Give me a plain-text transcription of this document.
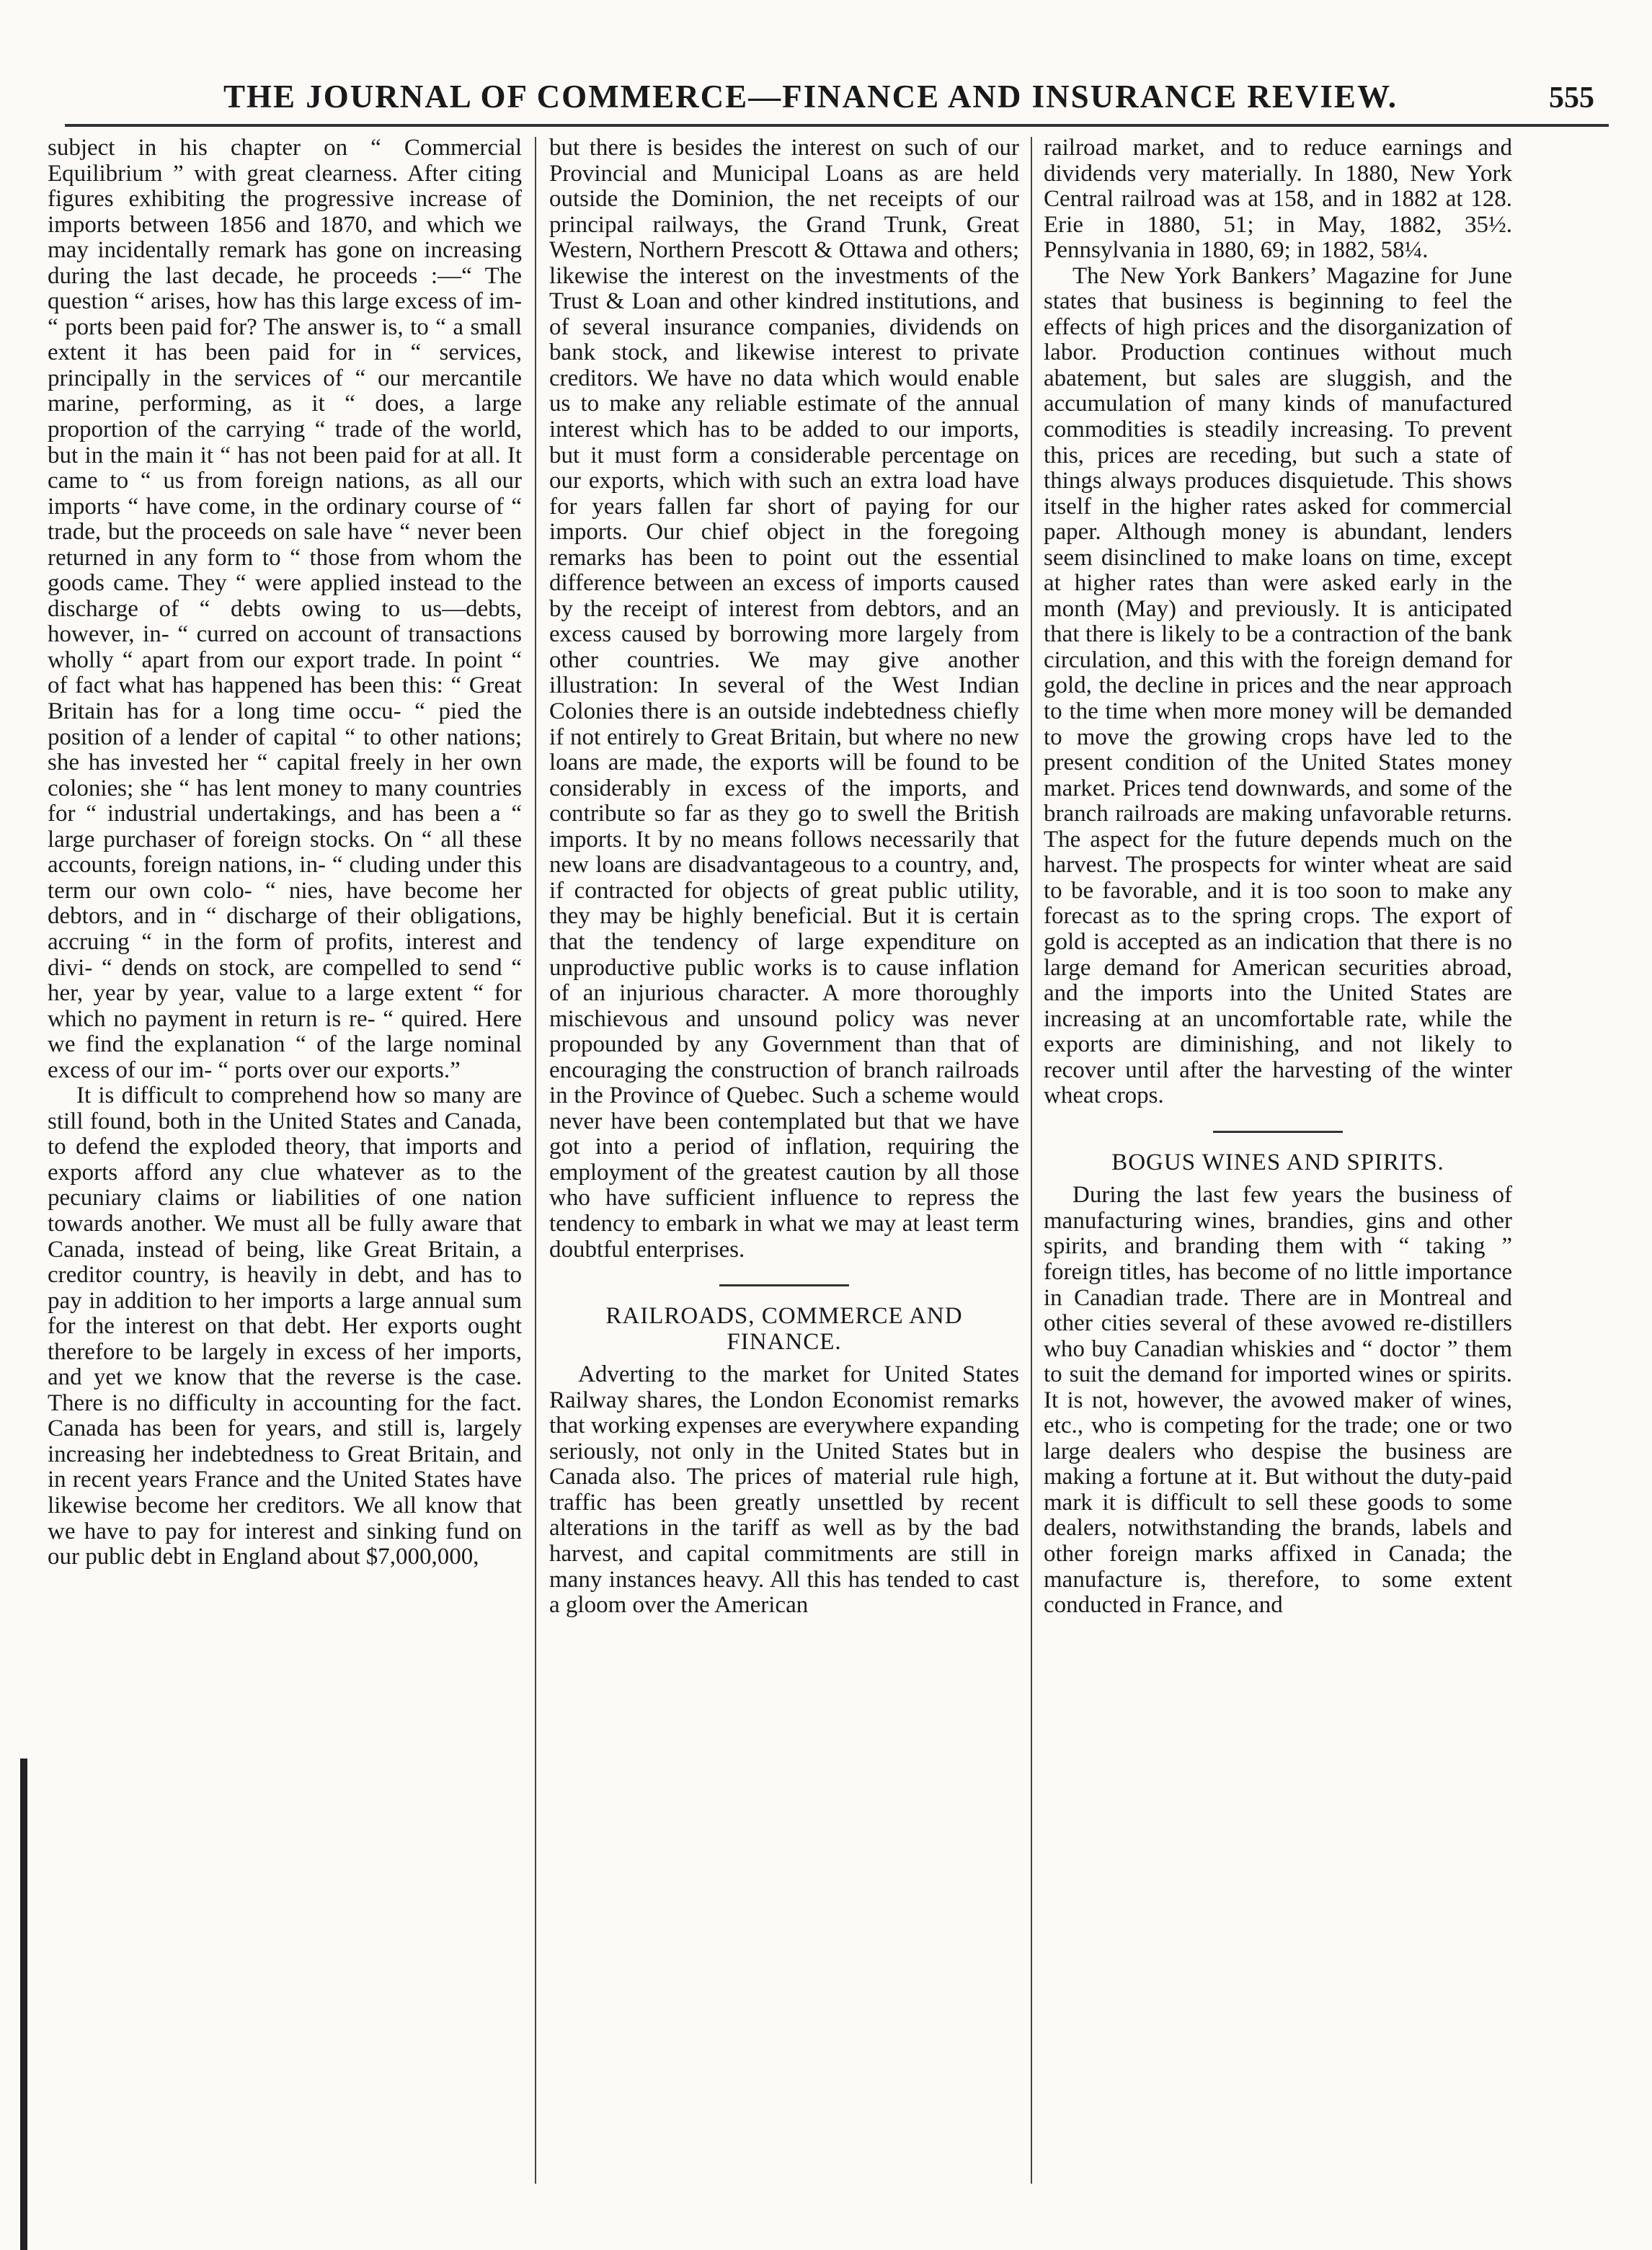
THE JOURNAL OF COMMERCE—FINANCE AND INSURANCE REVIEW.	555

subject in his chapter on “ Commercial Equilibrium ” with great clearness. After citing figures exhibiting the progressive increase of imports between 1856 and 1870, and which we may incidentally remark has gone on increasing during the last decade, he proceeds :—“ The question “ arises, how has this large excess of im- “ ports been paid for? The answer is, to “ a small extent it has been paid for in “ services, principally in the services of “ our mercantile marine, performing, as it “ does, a large proportion of the carrying “ trade of the world, but in the main it “ has not been paid for at all. It came to “ us from foreign nations, as all our imports “ have come, in the ordinary course of “ trade, but the proceeds on sale have “ never been returned in any form to “ those from whom the goods came. They “ were applied instead to the discharge of “ debts owing to us—debts, however, in- “ curred on account of transactions wholly “ apart from our export trade. In point “ of fact what has happened has been this: “ Great Britain has for a long time occu- “ pied the position of a lender of capital “ to other nations; she has invested her “ capital freely in her own colonies; she “ has lent money to many countries for “ industrial undertakings, and has been a “ large purchaser of foreign stocks. On “ all these accounts, foreign nations, in- “ cluding under this term our own colo- “ nies, have become her debtors, and in “ discharge of their obligations, accruing “ in the form of profits, interest and divi- “ dends on stock, are compelled to send “ her, year by year, value to a large extent “ for which no payment in return is re- “ quired. Here we find the explanation “ of the large nominal excess of our im- “ ports over our exports.”

It is difficult to comprehend how so many are still found, both in the United States and Canada, to defend the exploded theory, that imports and exports afford any clue whatever as to the pecuniary claims or liabilities of one nation towards another. We must all be fully aware that Canada, instead of being, like Great Britain, a creditor country, is heavily in debt, and has to pay in addition to her imports a large annual sum for the interest on that debt. Her exports ought therefore to be largely in excess of her imports, and yet we know that the reverse is the case. There is no difficulty in accounting for the fact. Canada has been for years, and still is, largely increasing her indebtedness to Great Britain, and in recent years France and the United States have likewise become her creditors. We all know that we have to pay for interest and sinking fund on our public debt in England about $7,000,000,

but there is besides the interest on such of our Provincial and Municipal Loans as are held outside the Dominion, the net receipts of our principal railways, the Grand Trunk, Great Western, Northern Prescott & Ottawa and others; likewise the interest on the investments of the Trust & Loan and other kindred institutions, and of several insurance companies, dividends on bank stock, and likewise interest to private creditors. We have no data which would enable us to make any reliable estimate of the annual interest which has to be added to our imports, but it must form a considerable percentage on our exports, which with such an extra load have for years fallen far short of paying for our imports. Our chief object in the foregoing remarks has been to point out the essential difference between an excess of imports caused by the receipt of interest from debtors, and an excess caused by borrowing more largely from other countries. We may give another illustration: In several of the West Indian Colonies there is an outside indebtedness chiefly if not entirely to Great Britain, but where no new loans are made, the exports will be found to be considerably in excess of the imports, and contribute so far as they go to swell the British imports. It by no means follows necessarily that new loans are disadvantageous to a country, and, if contracted for objects of great public utility, they may be highly beneficial. But it is certain that the tendency of large expenditure on unproductive public works is to cause inflation of an injurious character. A more thoroughly mischievous and unsound policy was never propounded by any Government than that of encouraging the construction of branch railroads in the Province of Quebec. Such a scheme would never have been contemplated but that we have got into a period of inflation, requiring the employment of the greatest caution by all those who have sufficient influence to repress the tendency to embark in what we may at least term doubtful enterprises.

RAILROADS, COMMERCE AND FINANCE.

Adverting to the market for United States Railway shares, the London Economist remarks that working expenses are everywhere expanding seriously, not only in the United States but in Canada also. The prices of material rule high, traffic has been greatly unsettled by recent alterations in the tariff as well as by the bad harvest, and capital commitments are still in many instances heavy. All this has tended to cast a gloom over the American

railroad market, and to reduce earnings and dividends very materially. In 1880, New York Central railroad was at 158, and in 1882 at 128. Erie in 1880, 51; in May, 1882, 35½. Pennsylvania in 1880, 69; in 1882, 58¼.

The New York Bankers’ Magazine for June states that business is beginning to feel the effects of high prices and the disorganization of labor. Production continues without much abatement, but sales are sluggish, and the accumulation of many kinds of manufactured commodities is steadily increasing. To prevent this, prices are receding, but such a state of things always produces disquietude. This shows itself in the higher rates asked for commercial paper. Although money is abundant, lenders seem disinclined to make loans on time, except at higher rates than were asked early in the month (May) and previously. It is anticipated that there is likely to be a contraction of the bank circulation, and this with the foreign demand for gold, the decline in prices and the near approach to the time when more money will be demanded to move the growing crops have led to the present condition of the United States money market. Prices tend downwards, and some of the branch railroads are making unfavorable returns. The aspect for the future depends much on the harvest. The prospects for winter wheat are said to be favorable, and it is too soon to make any forecast as to the spring crops. The export of gold is accepted as an indication that there is no large demand for American securities abroad, and the imports into the United States are increasing at an uncomfortable rate, while the exports are diminishing, and not likely to recover until after the harvesting of the winter wheat crops.

BOGUS WINES AND SPIRITS.

During the last few years the business of manufacturing wines, brandies, gins and other spirits, and branding them with “ taking ” foreign titles, has become of no little importance in Canadian trade. There are in Montreal and other cities several of these avowed re-distillers who buy Canadian whiskies and “ doctor ” them to suit the demand for imported wines or spirits. It is not, however, the avowed maker of wines, etc., who is competing for the trade; one or two large dealers who despise the business are making a fortune at it. But without the duty-paid mark it is difficult to sell these goods to some dealers, notwithstanding the brands, labels and other foreign marks affixed in Canada; the manufacture is, therefore, to some extent conducted in France, and
